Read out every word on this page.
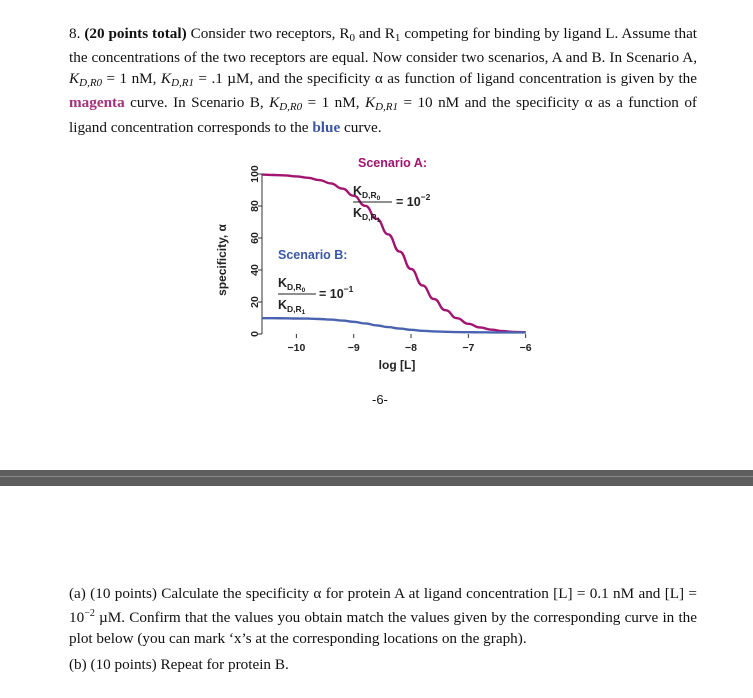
8. (20 points total) Consider two receptors, $R_0$ and $R_1$ competing for binding by ligand L. Assume that the concentrations of the two receptors are equal. Now consider two scenarios, A and B. In Scenario A, $K_{D,R0} = 1$ nM, $K_{D,R1} = .1$ µM, and the specificity α as function of ligand concentration is given by the magenta curve. In Scenario B, $K_{D,R0} = 1$ nM, $K_{D,R1} = 10$ nM and the specificity α as a function of ligand concentration corresponds to the blue curve.
0
20
40
60
80
100
−10	−9	−8	−7	−6
specificity, α
log [L]
Scenario A:
$K_{D,R}0$
$K_{D,R}1$
= $10^{-2}$
Scenario B:
$K_{D,R}0$
$K_{D,R}1$
= $10^{-1}$
-6-
(a) (10 points) Calculate the specificity α for protein A at ligand concentration [L] = 0.1 nM and $[L] = 10^{-2}$ µM. Confirm that the values you obtain match the values given by the corresponding curve in the plot below (you can mark ‘x’s at the corresponding locations on the graph).
(b) (10 points) Repeat for protein B.
